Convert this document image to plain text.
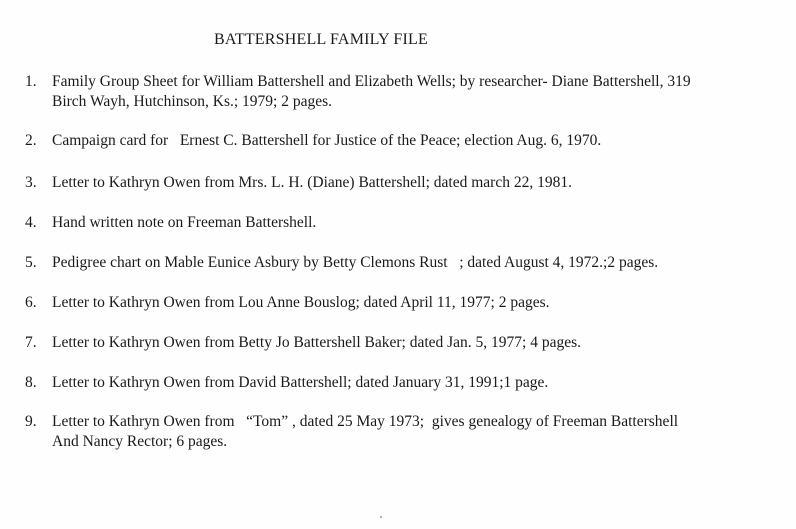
BATTERSHELL FAMILY FILE
1. Family Group Sheet for William Battershell and Elizabeth Wells; by researcher- Diane Battershell, 319
Birch Wayh, Hutchinson, Ks.; 1979; 2 pages.
2. Campaign card for   Ernest C. Battershell for Justice of the Peace; election Aug. 6, 1970.
3. Letter to Kathryn Owen from Mrs. L. H. (Diane) Battershell; dated march 22, 1981.
4. Hand written note on Freeman Battershell.
5. Pedigree chart on Mable Eunice Asbury by Betty Clemons Rust   ; dated August 4, 1972.;2 pages.
6. Letter to Kathryn Owen from Lou Anne Bouslog; dated April 11, 1977; 2 pages.
7. Letter to Kathryn Owen from Betty Jo Battershell Baker; dated Jan. 5, 1977; 4 pages.
8. Letter to Kathryn Owen from David Battershell; dated January 31, 1991;1 page.
9. Letter to Kathryn Owen from   “Tom” , dated 25 May 1973;  gives genealogy of Freeman Battershell
And Nancy Rector; 6 pages.
